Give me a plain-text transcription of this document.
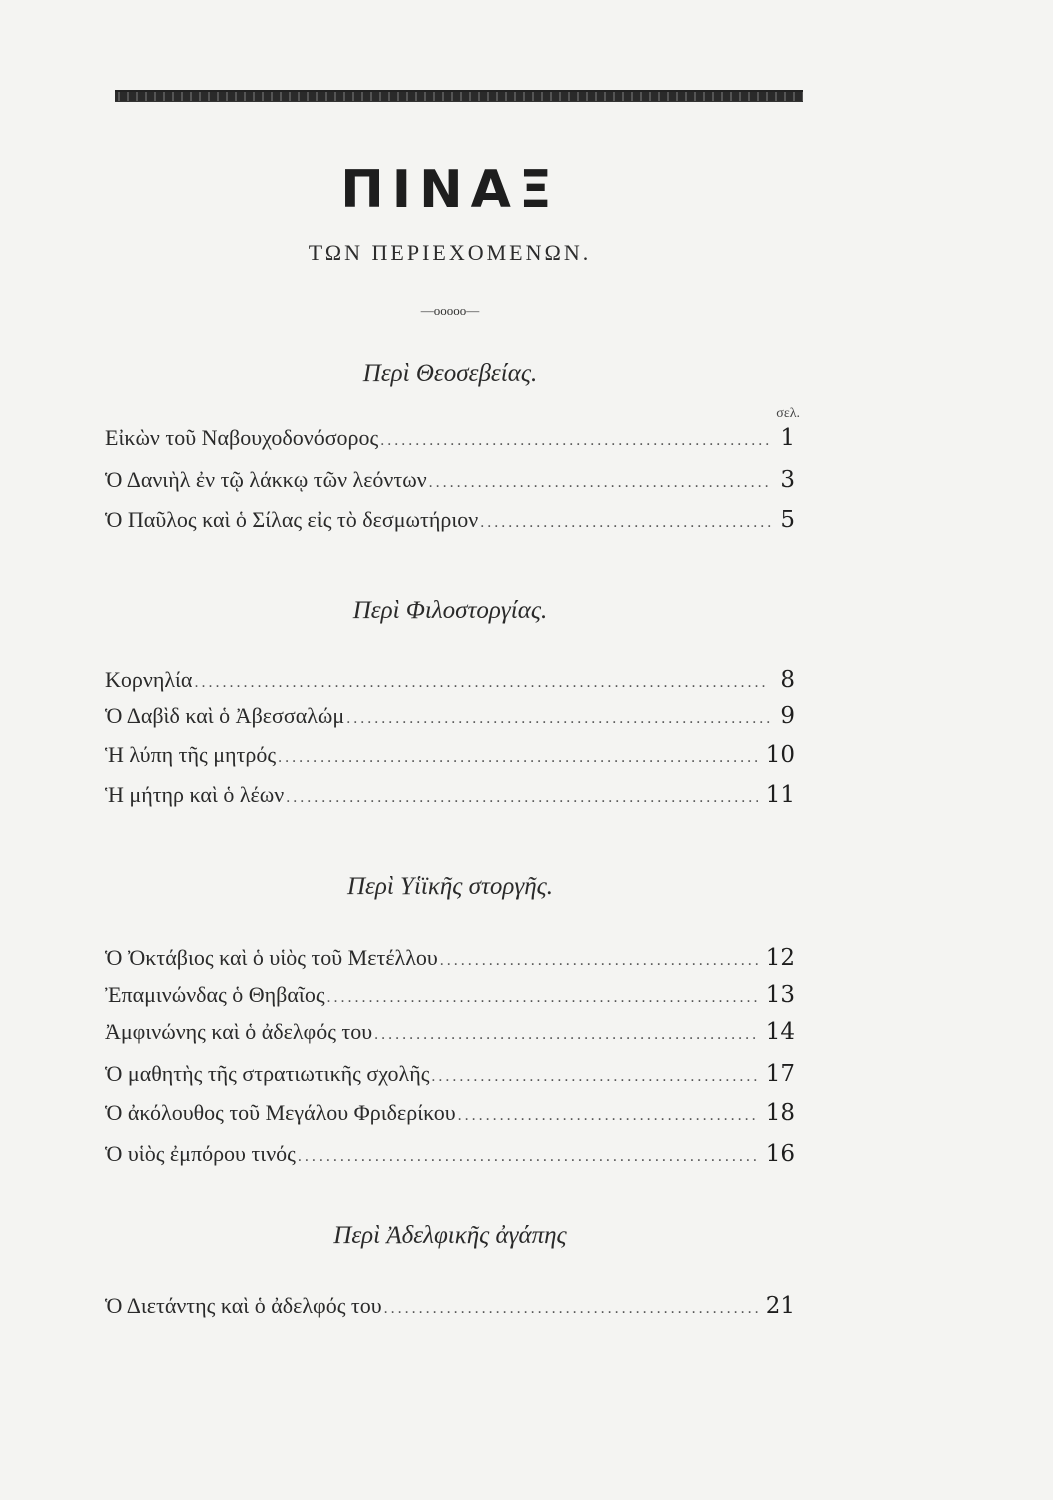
ΠΙΝΑΞ
ΤΩΝ ΠΕΡΙΕΧΟΜΕΝΩΝ.
—ooooo—
Περὶ Θεοσεβείας.
σελ.
Εἰκὼν τοῦ Ναβουχοδονόσορος .....	1
Ὁ Δανιὴλ ἐν τῷ λάκκῳ τῶν λεόντων .....	3
Ὁ Παῦλος καὶ ὁ Σίλας εἰς τὸ δεσμωτήριον .....	5
Περὶ Φιλοστοργίας.
Κορνηλία .....	8
Ὁ Δαβὶδ καὶ ὁ Ἀβεσσαλώμ .....	9
Ἡ λύπη τῆς μητρός .....	10
Ἡ μήτηρ καὶ ὁ λέων .....	11
Περὶ Υἱϊκῆς στοργῆς.
Ὁ Ὀκτάβιος καὶ ὁ υἱὸς τοῦ Μετέλλου .....	12
Ἐπαμινώνδας ὁ Θηβαῖος .....	13
Ἀμφινώνης καὶ ὁ ἀδελφός του .....	14
Ὁ μαθητὴς τῆς στρατιωτικῆς σχολῆς .....	17
Ὁ ἀκόλουθος τοῦ Μεγάλου Φριδερίκου .....	18
Ὁ υἱὸς ἐμπόρου τινός .....	16
Περὶ Ἀδελφικῆς ἀγάπης
Ὁ Διετάντης καὶ ὁ ἀδελφός του .....	21
